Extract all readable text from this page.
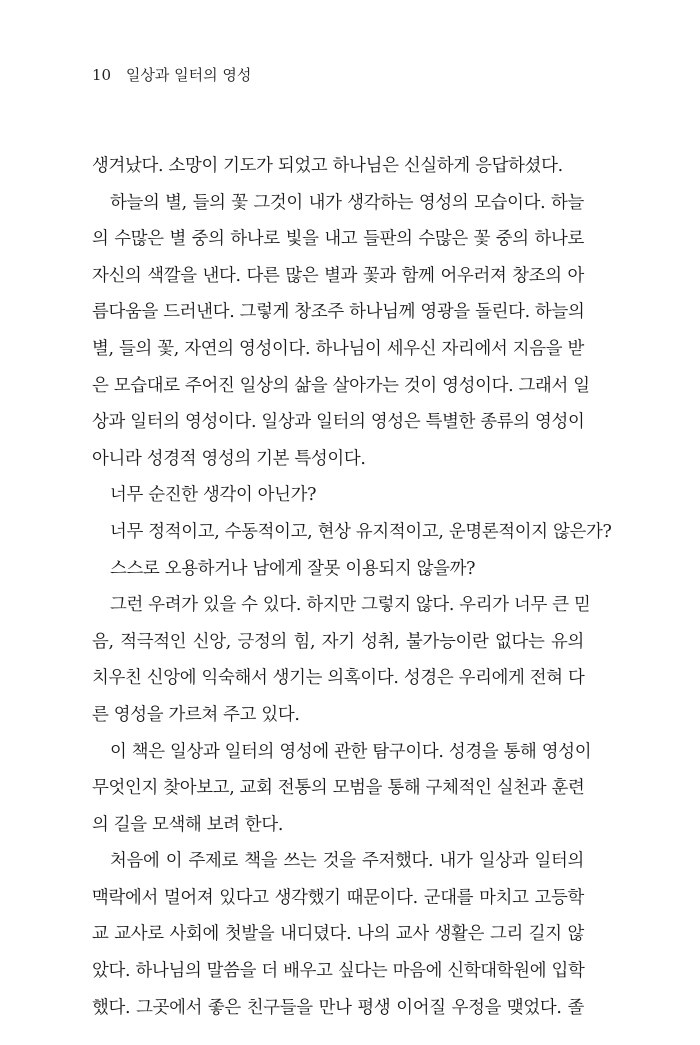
10 일상과 일터의 영성
생겨났다. 소망이 기도가 되었고 하나님은 신실하게 응답하셨다.
하늘의 별, 들의 꽃 그것이 내가 생각하는 영성의 모습이다. 하늘
의 수많은 별 중의 하나로 빛을 내고 들판의 수많은 꽃 중의 하나로
자신의 색깔을 낸다. 다른 많은 별과 꽃과 함께 어우러져 창조의 아
름다움을 드러낸다. 그렇게 창조주 하나님께 영광을 돌린다. 하늘의
별, 들의 꽃, 자연의 영성이다. 하나님이 세우신 자리에서 지음을 받
은 모습대로 주어진 일상의 삶을 살아가는 것이 영성이다. 그래서 일
상과 일터의 영성이다. 일상과 일터의 영성은 특별한 종류의 영성이
아니라 성경적 영성의 기본 특성이다.
너무 순진한 생각이 아닌가?
너무 정적이고, 수동적이고, 현상 유지적이고, 운명론적이지 않은가?
스스로 오용하거나 남에게 잘못 이용되지 않을까?
그런 우려가 있을 수 있다. 하지만 그렇지 않다. 우리가 너무 큰 믿
음, 적극적인 신앙, 긍정의 힘, 자기 성취, 불가능이란 없다는 유의
치우친 신앙에 익숙해서 생기는 의혹이다. 성경은 우리에게 전혀 다
른 영성을 가르쳐 주고 있다.
이 책은 일상과 일터의 영성에 관한 탐구이다. 성경을 통해 영성이
무엇인지 찾아보고, 교회 전통의 모범을 통해 구체적인 실천과 훈련
의 길을 모색해 보려 한다.
처음에 이 주제로 책을 쓰는 것을 주저했다. 내가 일상과 일터의
맥락에서 멀어져 있다고 생각했기 때문이다. 군대를 마치고 고등학
교 교사로 사회에 첫발을 내디뎠다. 나의 교사 생활은 그리 길지 않
았다. 하나님의 말씀을 더 배우고 싶다는 마음에 신학대학원에 입학
했다. 그곳에서 좋은 친구들을 만나 평생 이어질 우정을 맺었다. 졸
